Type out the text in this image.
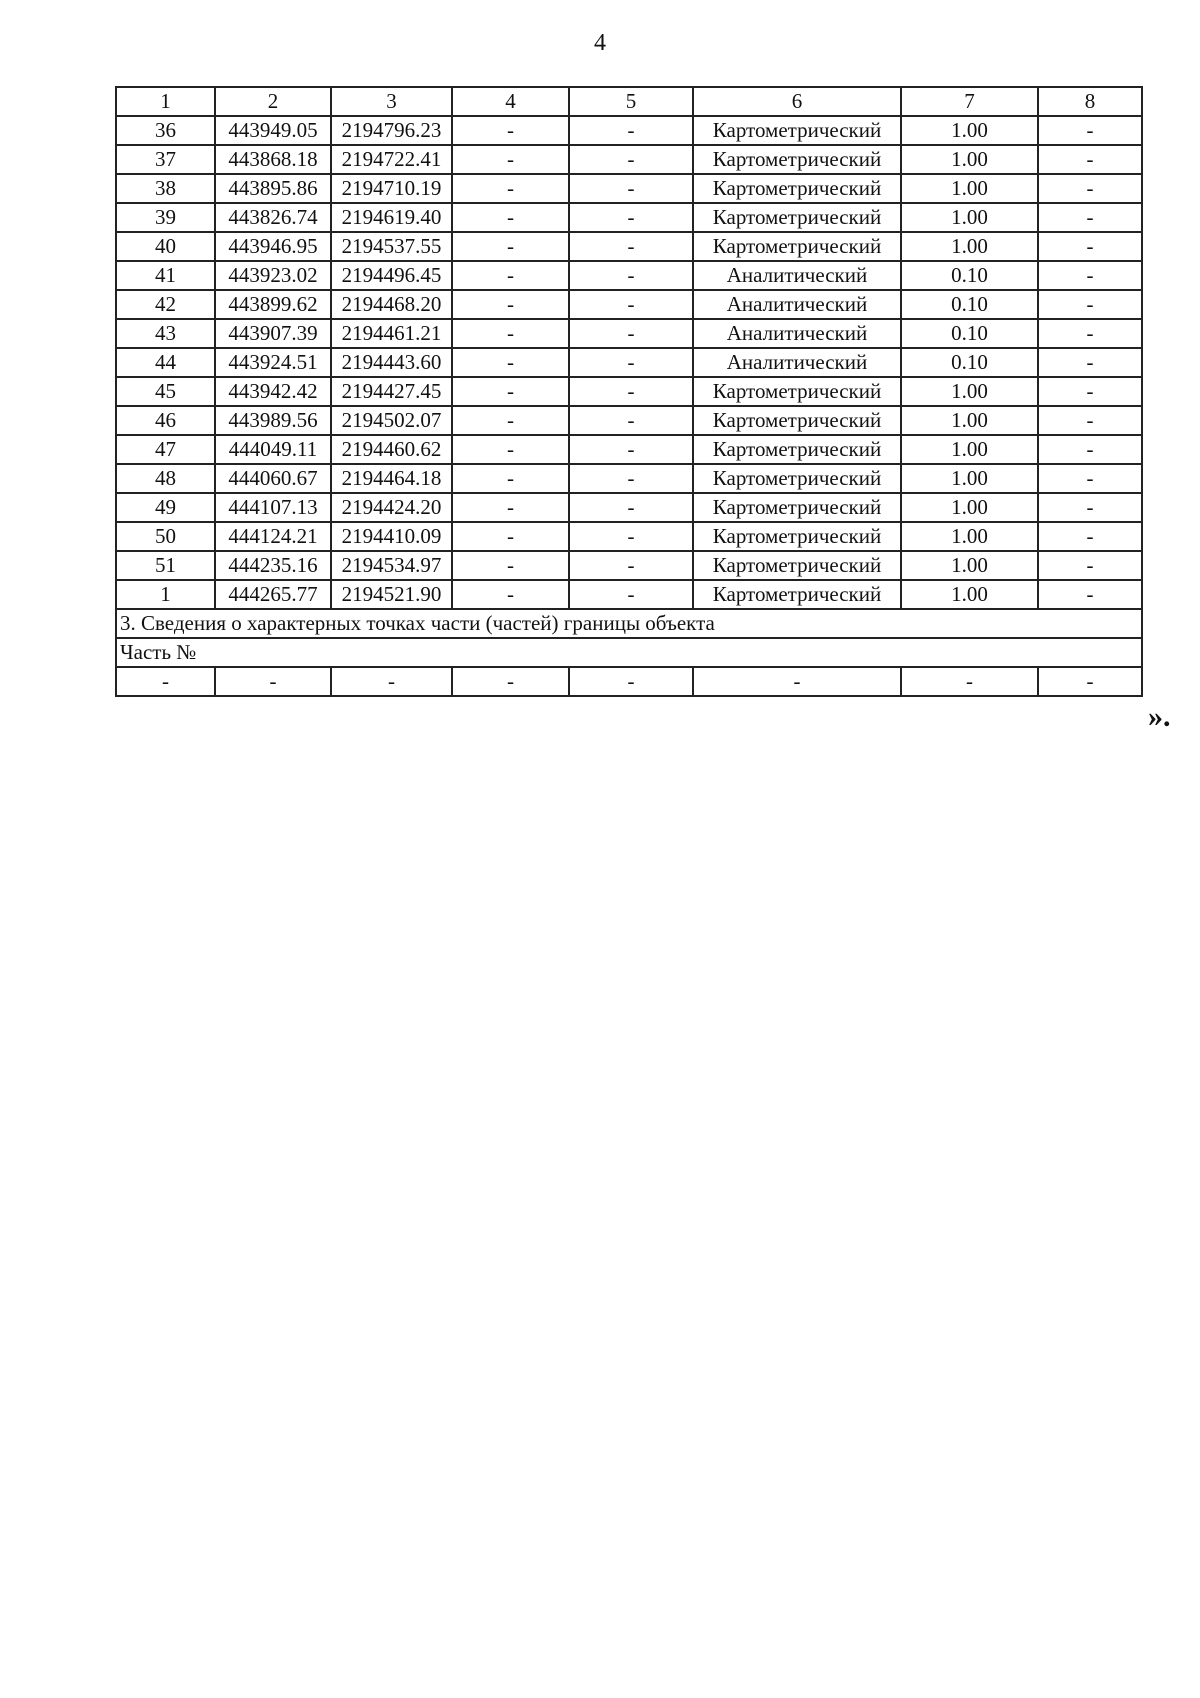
4
1	2	3	4	5	6	7	8
36	443949.05	2194796.23	-	-	Картометрический	1.00	-
37	443868.18	2194722.41	-	-	Картометрический	1.00	-
38	443895.86	2194710.19	-	-	Картометрический	1.00	-
39	443826.74	2194619.40	-	-	Картометрический	1.00	-
40	443946.95	2194537.55	-	-	Картометрический	1.00	-
41	443923.02	2194496.45	-	-	Аналитический	0.10	-
42	443899.62	2194468.20	-	-	Аналитический	0.10	-
43	443907.39	2194461.21	-	-	Аналитический	0.10	-
44	443924.51	2194443.60	-	-	Аналитический	0.10	-
45	443942.42	2194427.45	-	-	Картометрический	1.00	-
46	443989.56	2194502.07	-	-	Картометрический	1.00	-
47	444049.11	2194460.62	-	-	Картометрический	1.00	-
48	444060.67	2194464.18	-	-	Картометрический	1.00	-
49	444107.13	2194424.20	-	-	Картометрический	1.00	-
50	444124.21	2194410.09	-	-	Картометрический	1.00	-
51	444235.16	2194534.97	-	-	Картометрический	1.00	-
1	444265.77	2194521.90	-	-	Картометрический	1.00	-
3. Сведения о характерных точках части (частей) границы объекта							
Часть №							
-	-	-	-	-	-	-	-
».
